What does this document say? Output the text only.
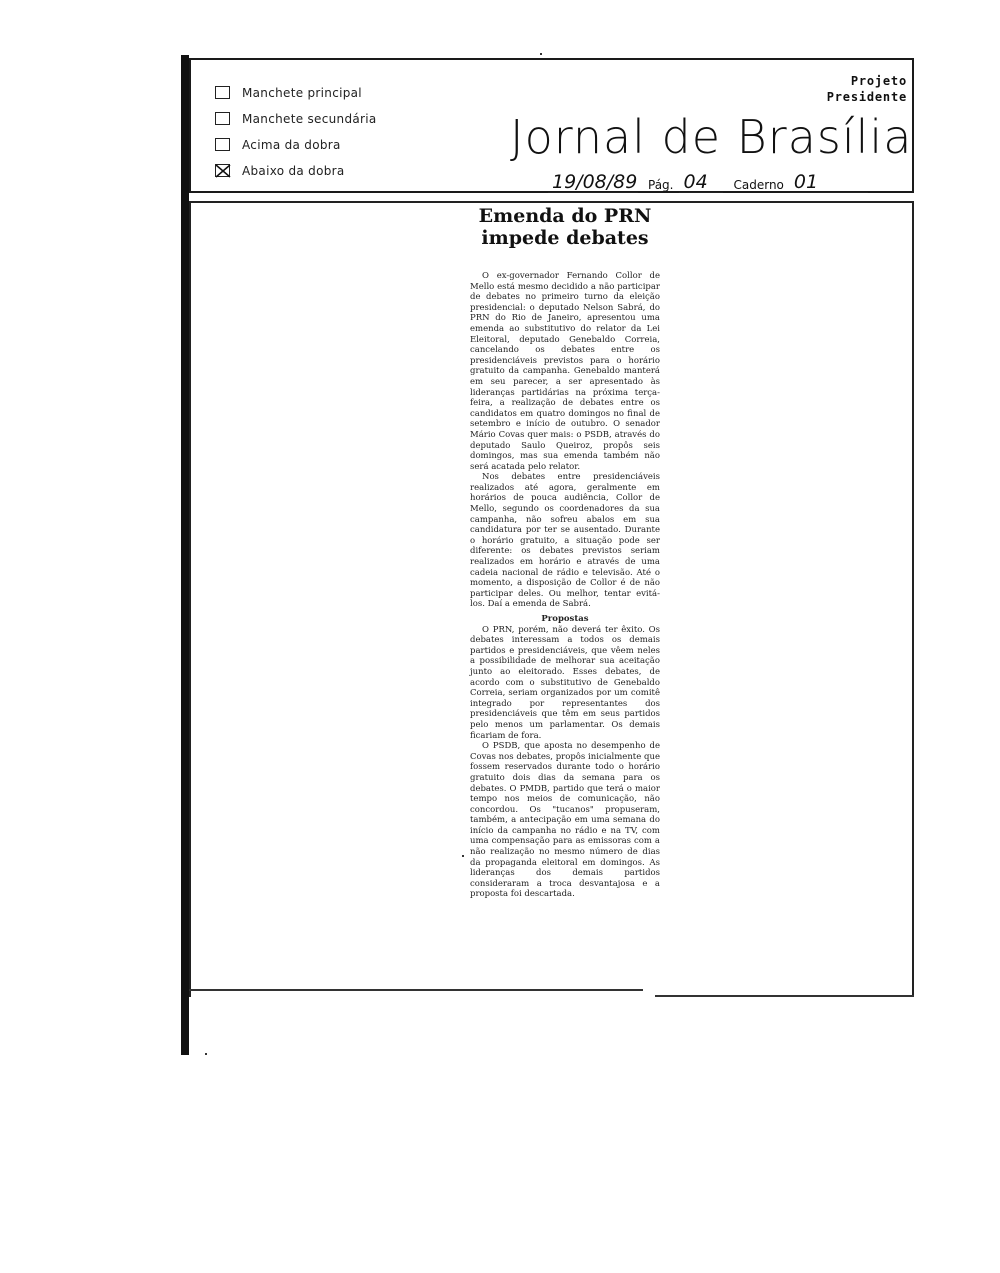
Manchete principal
Manchete secundária
Acima da dobra
Abaixo da dobra
Projeto
Presidente
Jornal de Brasília
19/08/89 Pág. 04	Caderno 01
Emenda do PRN impede debates

O ex-governador Fernando Collor de Mello está mesmo decidido a não participar de debates no primeiro turno da eleição presidencial: o deputado Nelson Sabrá, do PRN do Rio de Janeiro, apresentou uma emenda ao substitutivo do relator da Lei Eleitoral, deputado Genebaldo Correia, cancelando os debates entre os presidenciáveis previstos para o horário gratuito da campanha. Genebaldo manterá em seu parecer, a ser apresentado às lideranças partidárias na próxima terça-feira, a realização de debates entre os candidatos em quatro domingos no final de setembro e início de outubro. O senador Mário Covas quer mais: o PSDB, através do deputado Saulo Queiroz, propôs seis domingos, mas sua emenda também não será acatada pelo relator.

Nos debates entre presidenciáveis realizados até agora, geralmente em horários de pouca audiência, Collor de Mello, segundo os coordenadores da sua campanha, não sofreu abalos em sua candidatura por ter se ausentado. Durante o horário gratuito, a situação pode ser diferente: os debates previstos seriam realizados em horário e através de uma cadeia nacional de rádio e televisão. Até o momento, a disposição de Collor é de não participar deles. Ou melhor, tentar evitá-los. Daí a emenda de Sabrá.

Propostas

O PRN, porém, não deverá ter êxito. Os debates interessam a todos os demais partidos e presidenciáveis, que vêem neles a possibilidade de melhorar sua aceitação junto ao eleitorado. Esses debates, de acordo com o substitutivo de Genebaldo Correia, seriam organizados por um comitê integrado por representantes dos presidenciáveis que têm em seus partidos pelo menos um parlamentar. Os demais ficariam de fora.

O PSDB, que aposta no desempenho de Covas nos debates, propôs inicialmente que fossem reservados durante todo o horário gratuito dois dias da semana para os debates. O PMDB, partido que terá o maior tempo nos meios de comunicação, não concordou. Os "tucanos" propuseram, também, a antecipação em uma semana do início da campanha no rádio e na TV, com uma compensação para as emissoras com a não realização no mesmo número de dias da propaganda eleitoral em domingos. As lideranças dos demais partidos consideraram a troca desvantajosa e a proposta foi descartada.
